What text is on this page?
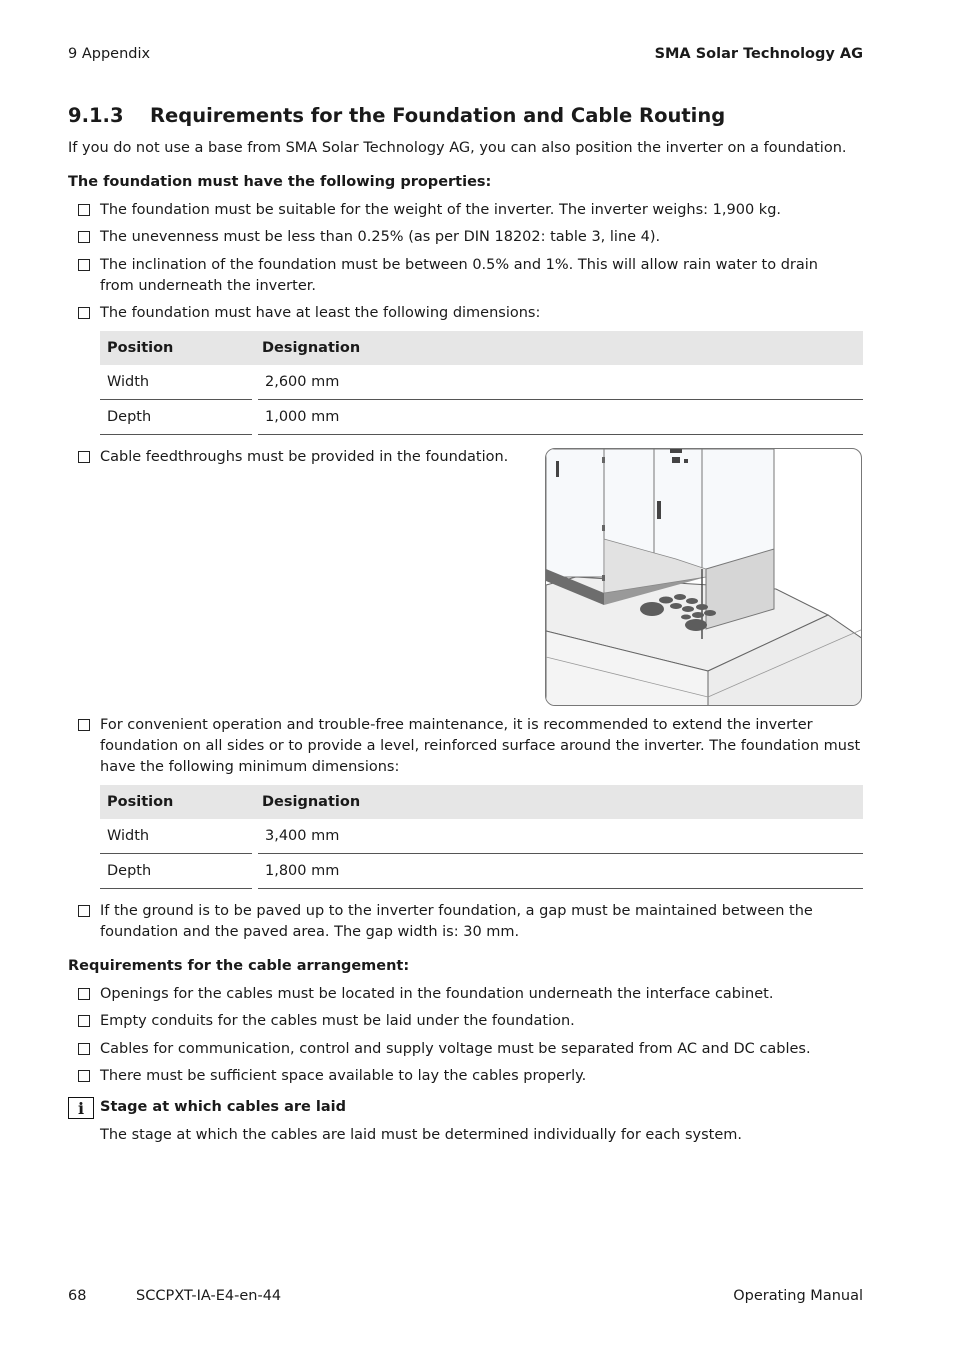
9 Appendix	SMA Solar Technology AG
9.1.3 Requirements for the Foundation and Cable Routing
If you do not use a base from SMA Solar Technology AG, you can also position the inverter on a foundation.
The foundation must have the following properties:
The foundation must be suitable for the weight of the inverter. The inverter weighs: 1,900 kg.
The unevenness must be less than 0.25% (as per DIN 18202: table 3, line 4).
The inclination of the foundation must be between 0.5% and 1%. This will allow rain water to drain from underneath the inverter.
The foundation must have at least the following dimensions:
Position	Designation
Width	2,600 mm
Depth	1,000 mm
Cable feedthroughs must be provided in the foundation.
For convenient operation and trouble-free maintenance, it is recommended to extend the inverter foundation on all sides or to provide a level, reinforced surface around the inverter. The foundation must have the following minimum dimensions:
Position	Designation
Width	3,400 mm
Depth	1,800 mm
If the ground is to be paved up to the inverter foundation, a gap must be maintained between the foundation and the paved area. The gap width is: 30 mm.
Requirements for the cable arrangement:
Openings for the cables must be located in the foundation underneath the interface cabinet.
Empty conduits for the cables must be laid under the foundation.
Cables for communication, control and supply voltage must be separated from AC and DC cables.
There must be sufficient space available to lay the cables properly.
i	Stage at which cables are laid
The stage at which the cables are laid must be determined individually for each system.
68	SCCPXT-IA-E4-en-44	Operating Manual
